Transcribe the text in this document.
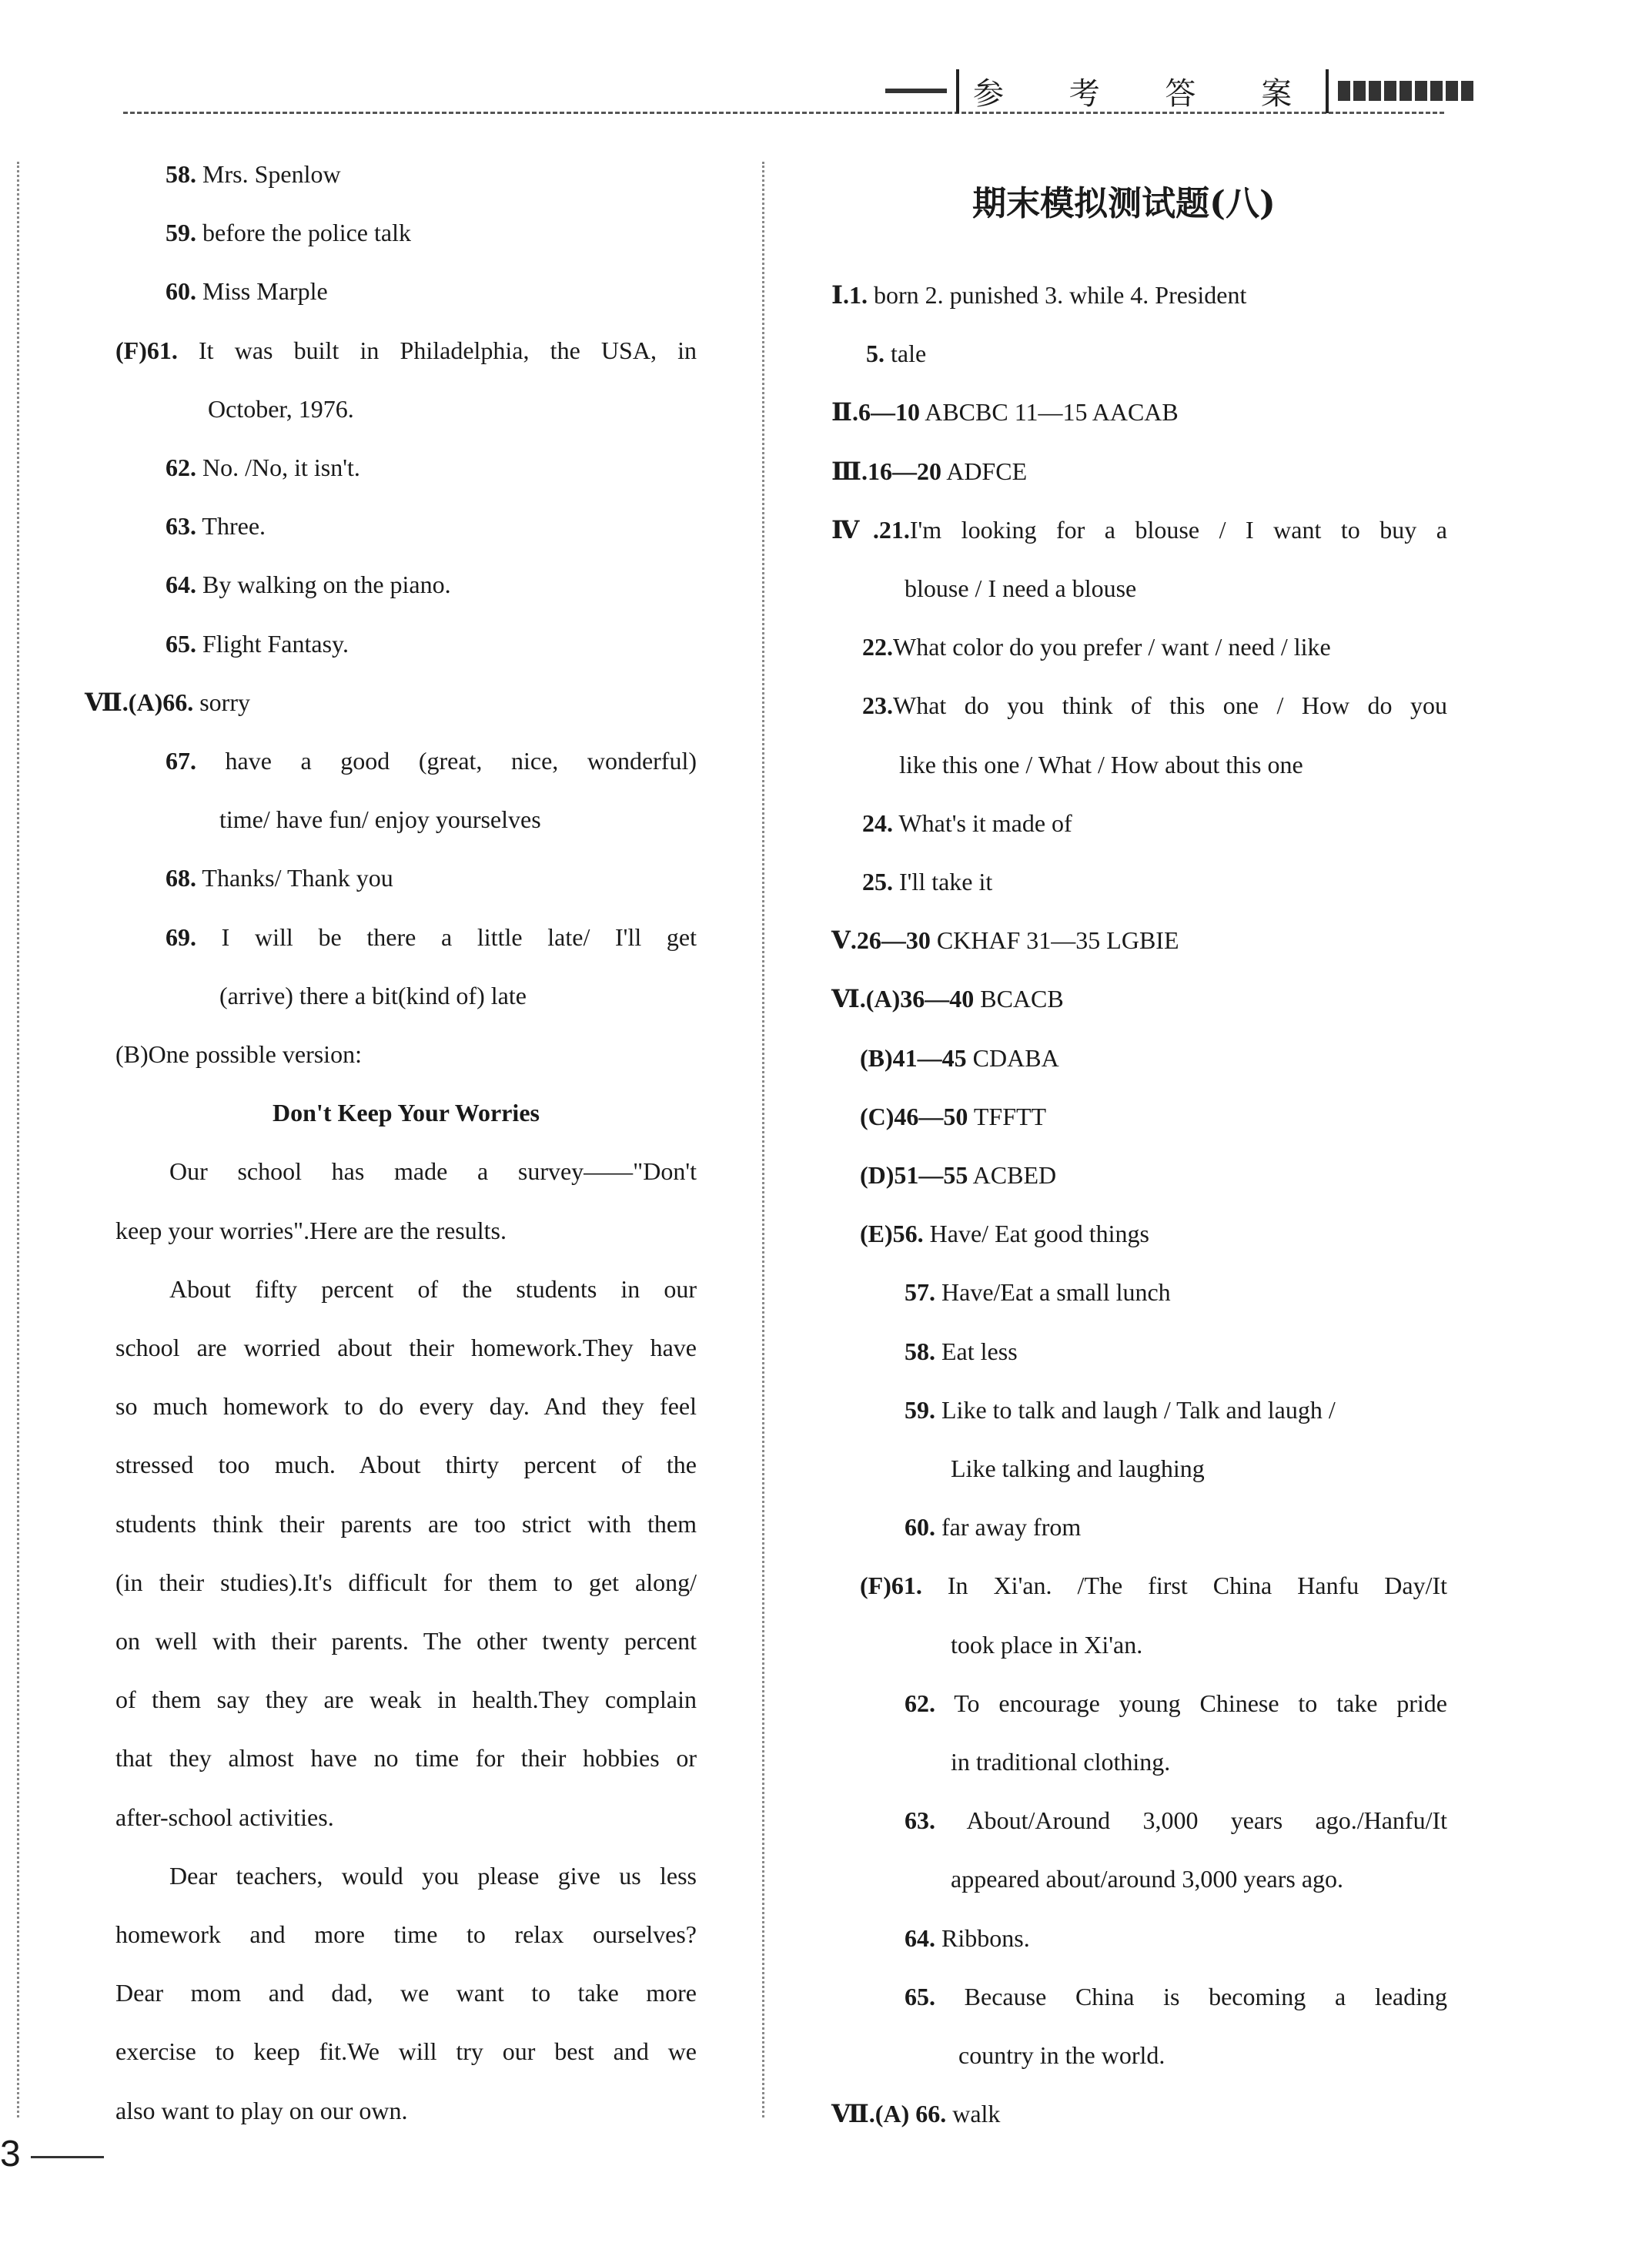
参 考 答 案
58. Mrs. Spenlow
59. before the police talk
60. Miss Marple
(F)61. It was built in Philadelphia, the USA, in
October, 1976.
62. No. /No, it isn't.
63. Three.
64. By walking on the piano.
65. Flight Fantasy.
Ⅶ.(A)66. sorry
67. have a good (great, nice, wonderful)
time/ have fun/ enjoy yourselves
68. Thanks/ Thank you
69. I will be there a little late/ I'll get
(arrive) there a bit(kind of) late
(B)One possible version:
Don't Keep Your Worries
Our school has made a survey——"Don't
keep your worries".Here are the results.
About fifty percent of the students in our
school are worried about their homework.They have
so much homework to do every day. And they feel
stressed too much. About thirty percent of the
students think their parents are too strict with them
(in their studies).It's difficult for them to get along/
on well with their parents. The other twenty percent
of them say they are weak in health.They complain
that they almost have no time for their hobbies or
after-school activities.
Dear teachers, would you please give us less
homework and more time to relax ourselves?
Dear mom and dad, we want to take more
exercise to keep fit.We will try our best and we
also want to play on our own.
期末模拟测试题(八)
Ⅰ.1. born 2. punished 3. while 4. President
5. tale
Ⅱ.6—10 ABCBC 11—15 AACAB
Ⅲ.16—20 ADFCE
Ⅳ.21.I'm looking for a blouse / I want to buy a
blouse / I need a blouse
22.What color do you prefer / want / need / like
23.What do you think of this one / How do you
like this one / What / How about this one
24. What's it made of
25. I'll take it
Ⅴ.26—30 CKHAF 31—35 LGBIE
Ⅵ.(A)36—40 BCACB
(B)41—45 CDABA
(C)46—50 TFFTT
(D)51—55 ACBED
(E)56. Have/ Eat good things
57. Have/Eat a small lunch
58. Eat less
59. Like to talk and laugh / Talk and laugh /
Like talking and laughing
60. far away from
(F)61. In Xi'an. /The first China Hanfu Day/It
took place in Xi'an.
62. To encourage young Chinese to take pride
in traditional clothing.
63. About/Around 3,000 years ago./Hanfu/It
appeared about/around 3,000 years ago.
64. Ribbons.
65. Because China is becoming a leading
country in the world.
Ⅶ.(A) 66. walk
3
